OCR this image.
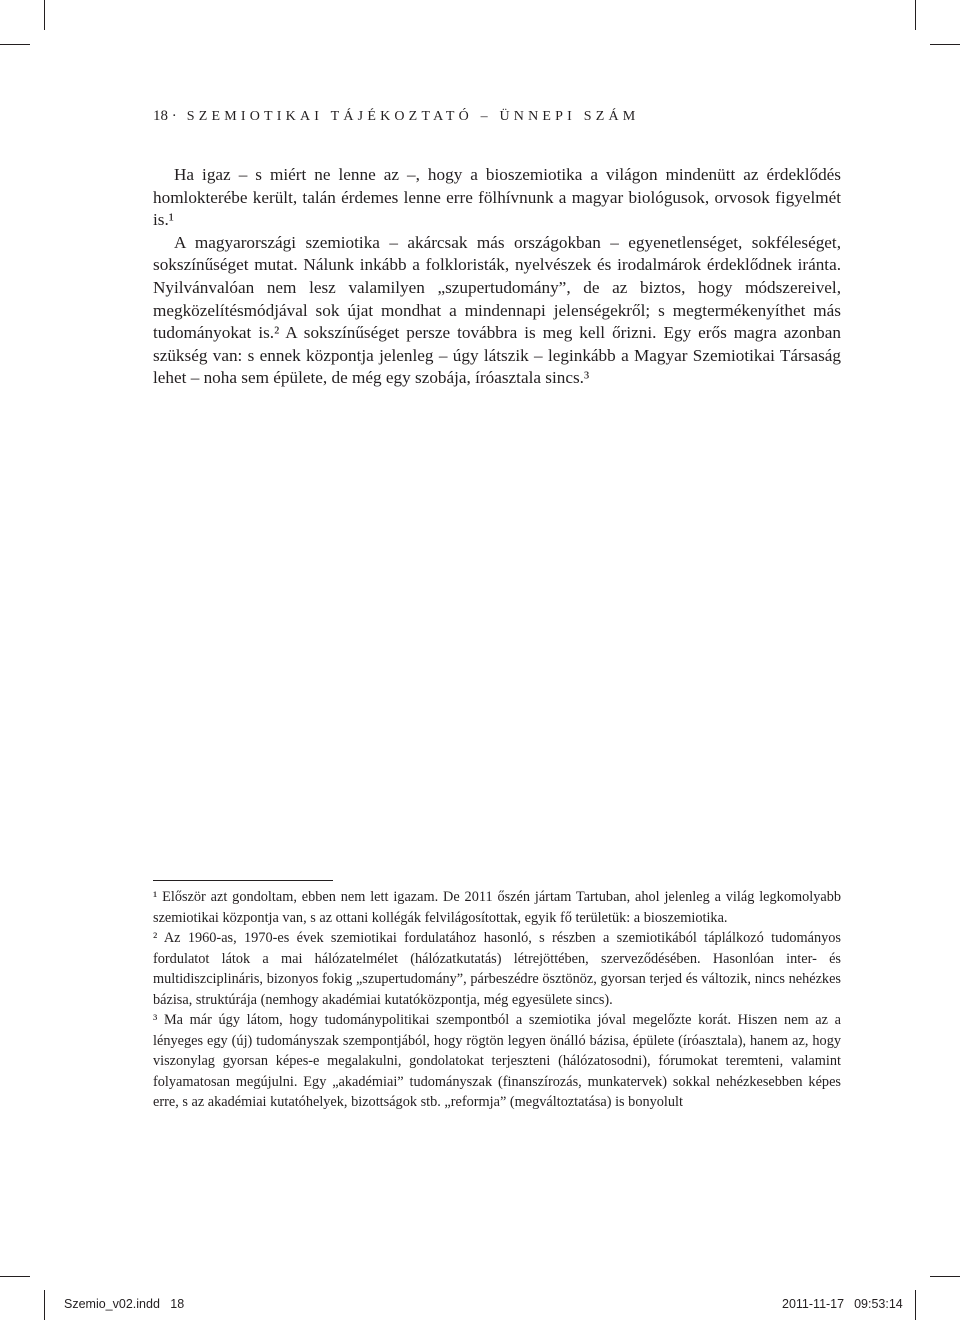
18 · SZEMIOTIKAI TÁJÉKOZTATÓ – ÜNNEPI SZÁM

Ha igaz – s miért ne lenne az –, hogy a bioszemiotika a világon mindenütt az érdeklődés homlokterébe került, talán érdemes lenne erre fölhívnunk a magyar biológusok, orvosok figyelmét is.¹

A magyarországi szemiotika – akárcsak más országokban – egyenetlenséget, sokféleséget, sokszínűséget mutat. Nálunk inkább a folkloristák, nyelvészek és irodalmárok érdeklődnek iránta. Nyilvánvalóan nem lesz valamilyen „szupertudomány”, de az biztos, hogy módszereivel, megközelítésmódjával sok újat mondhat a mindennapi jelenségekről; s megtermékenyíthet más tudományokat is.² A sokszínűséget persze továbbra is meg kell őrizni. Egy erős magra azonban szükség van: s ennek központja jelenleg – úgy látszik – leginkább a Magyar Szemiotikai Társaság lehet – noha sem épülete, de még egy szobája, íróasztala sincs.³

¹ Először azt gondoltam, ebben nem lett igazam. De 2011 őszén jártam Tartuban, ahol jelenleg a világ legkomolyabb szemiotikai központja van, s az ottani kollégák felvilágosítottak, egyik fő területük: a bioszemiotika.

² Az 1960-as, 1970-es évek szemiotikai fordulatához hasonló, s részben a szemiotikából táplálkozó tudományos fordulatot látok a mai hálózatelmélet (hálózatkutatás) létrejöttében, szerveződésében. Hasonlóan inter- és multidiszciplináris, bizonyos fokig „szupertudomány”, párbeszédre ösztönöz, gyorsan terjed és változik, nincs nehézkes bázisa, struktúrája (nemhogy akadémiai kutatóközpontja, még egyesülete sincs).

³ Ma már úgy látom, hogy tudománypolitikai szempontból a szemiotika jóval megelőzte korát. Hiszen nem az a lényeges egy (új) tudományszak szempontjából, hogy rögtön legyen önálló bázisa, épülete (íróasztala), hanem az, hogy viszonylag gyorsan képes-e megalakulni, gondolatokat terjeszteni (hálózatosodni), fórumokat teremteni, valamint folyamatosan megújulni. Egy „akadémiai” tudományszak (finanszírozás, munkatervek) sokkal nehézkesebben képes erre, s az akadémiai kutatóhelyek, bizottságok stb. „reformja” (megváltoztatása) is bonyolult

Szemio_v02.indd   18	2011-11-17 09:53:14
